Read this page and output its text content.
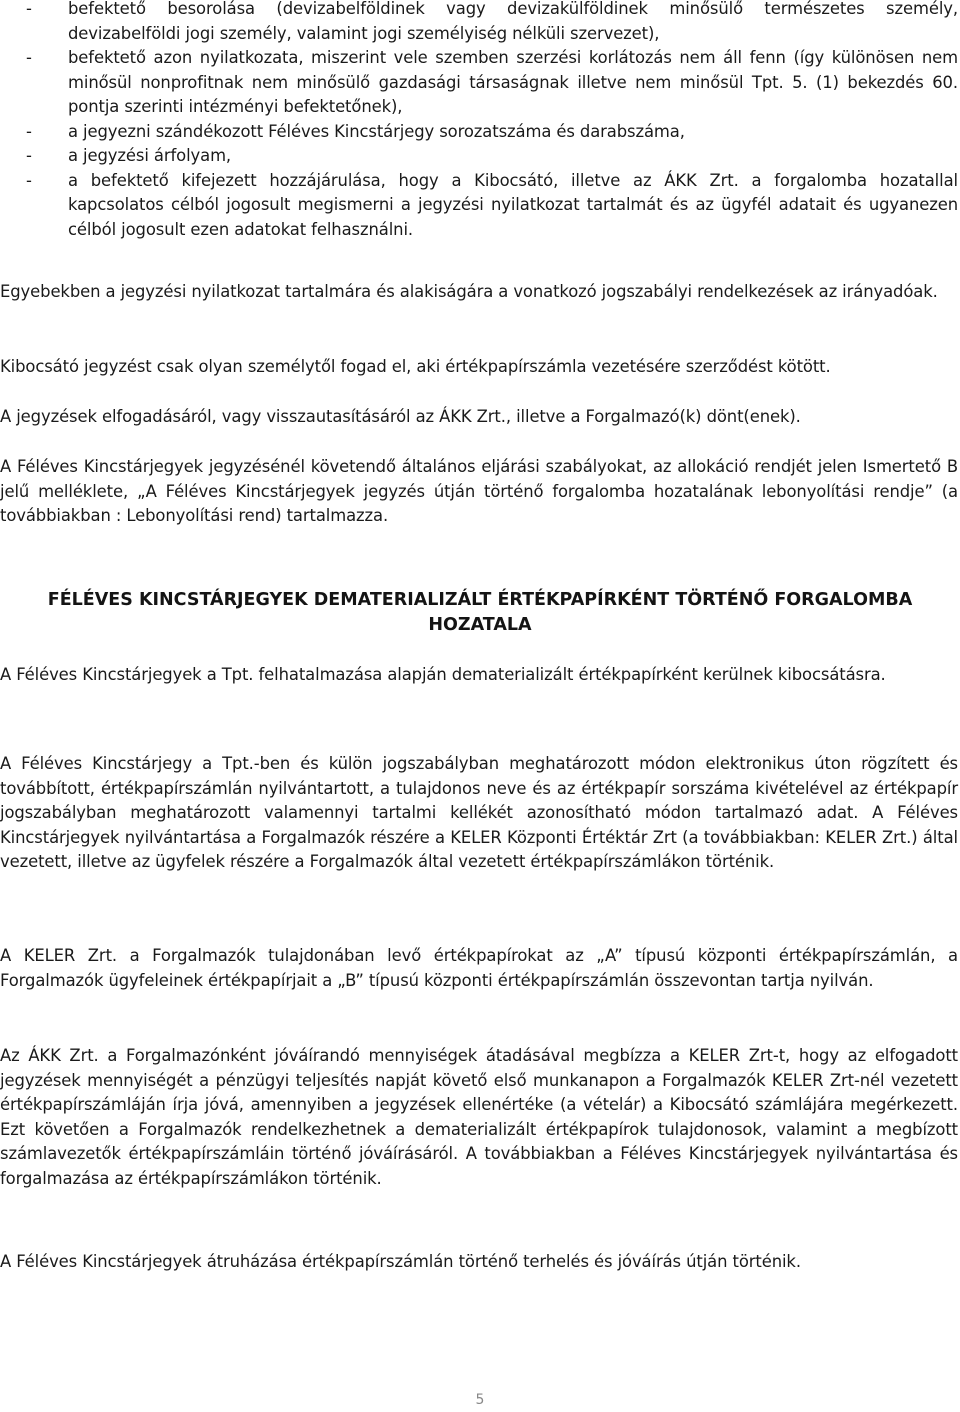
- befektető besorolása (devizabelföldinek vagy devizakülföldinek minősülő természetes személy, devizabelföldi jogi személy, valamint jogi személyiség nélküli szervezet),
- befektető azon nyilatkozata, miszerint vele szemben szerzési korlátozás nem áll fenn (így különösen nem minősül nonprofitnak nem minősülő gazdasági társaságnak illetve nem minősül Tpt. 5. (1) bekezdés 60. pontja szerinti intézményi befektetőnek),
- a jegyezni szándékozott Féléves Kincstárjegy sorozatszáma és darabszáma,
- a jegyzési árfolyam,
- a befektető kifejezett hozzájárulása, hogy a Kibocsátó, illetve az ÁKK Zrt. a forgalomba hozatallal kapcsolatos célból jogosult megismerni a jegyzési nyilatkozat tartalmát és az ügyfél adatait és ugyanezen célból jogosult ezen adatokat felhasználni.

Egyebekben a jegyzési nyilatkozat tartalmára és alakiságára a vonatkozó jogszabályi rendelkezések az irányadóak.

Kibocsátó jegyzést csak olyan személytől fogad el, aki értékpapírszámla vezetésére szerződést kötött.

A jegyzések elfogadásáról, vagy visszautasításáról az ÁKK Zrt., illetve a Forgalmazó(k) dönt(enek).

A Féléves Kincstárjegyek jegyzésénél követendő általános eljárási szabályokat, az allokáció rendjét jelen Ismertető B jelű melléklete, „A Féléves Kincstárjegyek jegyzés útján történő forgalomba hozatalának lebonyolítási rendje” (a továbbiakban : Lebonyolítási rend) tartalmazza.

FÉLÉVES KINCSTÁRJEGYEK DEMATERIALIZÁLT ÉRTÉKPAPÍRKÉNT TÖRTÉNŐ FORGALOMBA
HOZATALA

A Féléves Kincstárjegyek a Tpt. felhatalmazása alapján dematerializált értékpapírként kerülnek kibocsátásra.

A Féléves Kincstárjegy a Tpt.-ben és külön jogszabályban meghatározott módon elektronikus úton rögzített és továbbított, értékpapírszámlán nyilvántartott, a tulajdonos neve és az értékpapír sorszáma kivételével az értékpapír jogszabályban meghatározott valamennyi tartalmi kellékét azonosítható módon tartalmazó adat. A Féléves Kincstárjegyek nyilvántartása a Forgalmazók részére a KELER Központi Értéktár Zrt (a továbbiakban: KELER Zrt.) által vezetett, illetve az ügyfelek részére a Forgalmazók által vezetett értékpapírszámlákon történik.

A KELER Zrt. a Forgalmazók tulajdonában levő értékpapírokat az „A” típusú központi értékpapírszámlán, a Forgalmazók ügyfeleinek értékpapírjait a „B” típusú központi értékpapírszámlán összevontan tartja nyilván.

Az ÁKK Zrt. a Forgalmazónként jóváírandó mennyiségek átadásával megbízza a KELER Zrt-t, hogy az elfogadott jegyzések mennyiségét a pénzügyi teljesítés napját követő első munkanapon a Forgalmazók KELER Zrt-nél vezetett értékpapírszámláján írja jóvá, amennyiben a jegyzések ellenértéke (a vételár) a Kibocsátó számlájára megérkezett. Ezt követően a Forgalmazók rendelkezhetnek a dematerializált értékpapírok tulajdonosok, valamint a megbízott számlavezetők értékpapírszámláin történő jóváírásáról. A továbbiakban a Féléves Kincstárjegyek nyilvántartása és forgalmazása az értékpapírszámlákon történik.

A Féléves Kincstárjegyek átruházása értékpapírszámlán történő terhelés és jóváírás útján történik.

5
